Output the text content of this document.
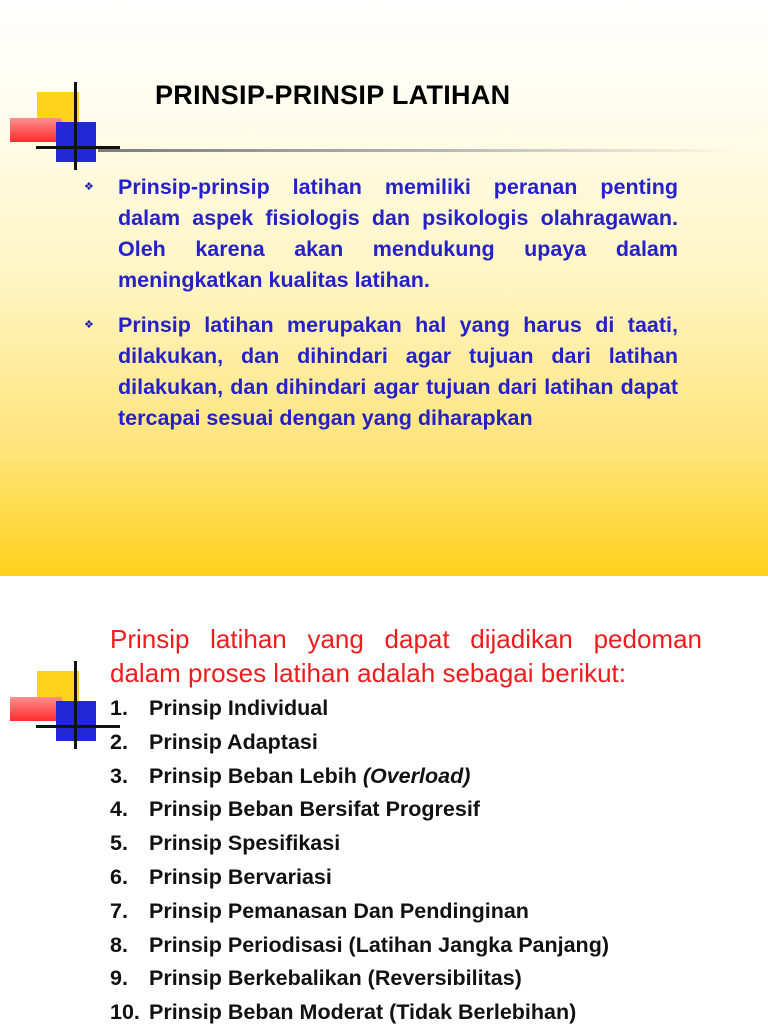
PRINSIP-PRINSIP LATIHAN
❖ Prinsip-prinsip latihan memiliki peranan penting dalam aspek fisiologis dan psikologis olahragawan. Oleh karena akan mendukung upaya dalam meningkatkan kualitas latihan.
❖ Prinsip latihan merupakan hal yang harus di taati, dilakukan, dan dihindari agar tujuan dari latihan dilakukan, dan dihindari agar tujuan dari latihan dapat tercapai sesuai dengan yang diharapkan
Prinsip latihan yang dapat dijadikan pedoman dalam proses latihan adalah sebagai berikut:
1. Prinsip Individual
2. Prinsip Adaptasi
3. Prinsip Beban Lebih (Overload)
4. Prinsip Beban Bersifat Progresif
5. Prinsip Spesifikasi
6. Prinsip Bervariasi
7. Prinsip Pemanasan Dan Pendinginan
8. Prinsip Periodisasi (Latihan Jangka Panjang)
9. Prinsip Berkebalikan (Reversibilitas)
10. Prinsip Beban Moderat (Tidak Berlebihan)
